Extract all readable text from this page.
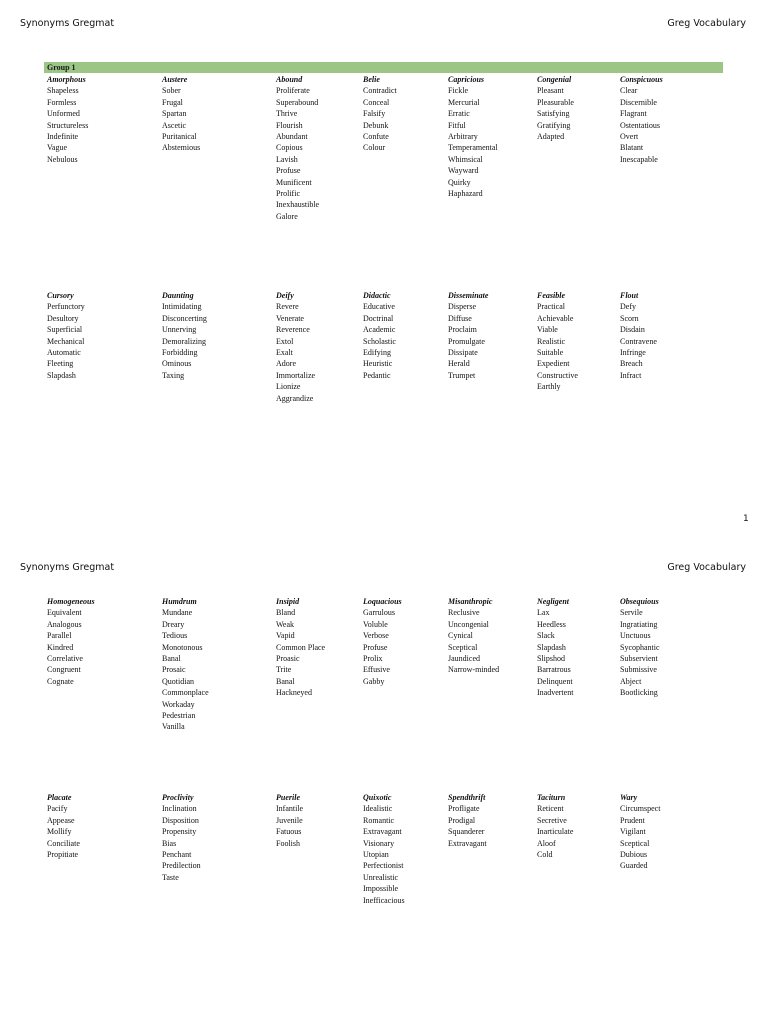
Synonyms Gregmat	Greg Vocabulary
Group 1
Amorphous
Shapeless
Formless
Unformed
Structureless
Indefinite
Vague
Nebulous
Austere
Sober
Frugal
Spartan
Ascetic
Puritanical
Abstemious
Abound
Proliferate
Superabound
Thrive
Flourish
Abundant
Copious
Lavish
Profuse
Munificent
Prolific
Inexhaustible
Galore
Belie
Contradict
Conceal
Falsify
Debunk
Confute
Colour
Capricious
Fickle
Mercurial
Erratic
Fitful
Arbitrary
Temperamental
Whimsical
Wayward
Quirky
Haphazard
Congenial
Pleasant
Pleasurable
Satisfying
Gratifying
Adapted
Conspicuous
Clear
Discernible
Flagrant
Ostentatious
Overt
Blatant
Inescapable
Cursory
Perfunctory
Desultory
Superficial
Mechanical
Automatic
Fleeting
Slapdash
Daunting
Intimidating
Disconcerting
Unnerving
Demoralizing
Forbidding
Ominous
Taxing
Deify
Revere
Venerate
Reverence
Extol
Exalt
Adore
Immortalize
Lionize
Aggrandize
Didactic
Educative
Doctrinal
Academic
Scholastic
Edifying
Heuristic
Pedantic
Disseminate
Disperse
Diffuse
Proclaim
Promulgate
Dissipate
Herald
Trumpet
Feasible
Practical
Achievable
Viable
Realistic
Suitable
Expedient
Constructive
Earthly
Flout
Defy
Scorn
Disdain
Contravene
Infringe
Breach
Infract
1
Synonyms Gregmat	Greg Vocabulary
Homogeneous
Equivalent
Analogous
Parallel
Kindred
Correlative
Congruent
Cognate
Humdrum
Mundane
Dreary
Tedious
Monotonous
Banal
Prosaic
Quotidian
Commonplace
Workaday
Pedestrian
Vanilla
Insipid
Bland
Weak
Vapid
Common Place
Proasic
Trite
Banal
Hackneyed
Loquacious
Garrulous
Voluble
Verbose
Profuse
Prolix
Effusive
Gabby
Misanthropic
Reclusive
Uncongenial
Cynical
Sceptical
Jaundiced
Narrow-minded
Negligent
Lax
Heedless
Slack
Slapdash
Slipshod
Barratrous
Delinquent
Inadvertent
Obsequious
Servile
Ingratiating
Unctuous
Sycophantic
Subservient
Submissive
Abject
Bootlicking
Placate
Pacify
Appease
Mollify
Conciliate
Propitiate
Proclivity
Inclination
Disposition
Propensity
Bias
Penchant
Predilection
Taste
Puerile
Infantile
Juvenile
Fatuous
Foolish
Quixotic
Idealistic
Romantic
Extravagant
Visionary
Utopian
Perfectionist
Unrealistic
Impossible
Inefficacious
Spendthrift
Profligate
Prodigal
Squanderer
Extravagant
Taciturn
Reticent
Secretive
Inarticulate
Aloof
Cold
Wary
Circumspect
Prudent
Vigilant
Sceptical
Dubious
Guarded
